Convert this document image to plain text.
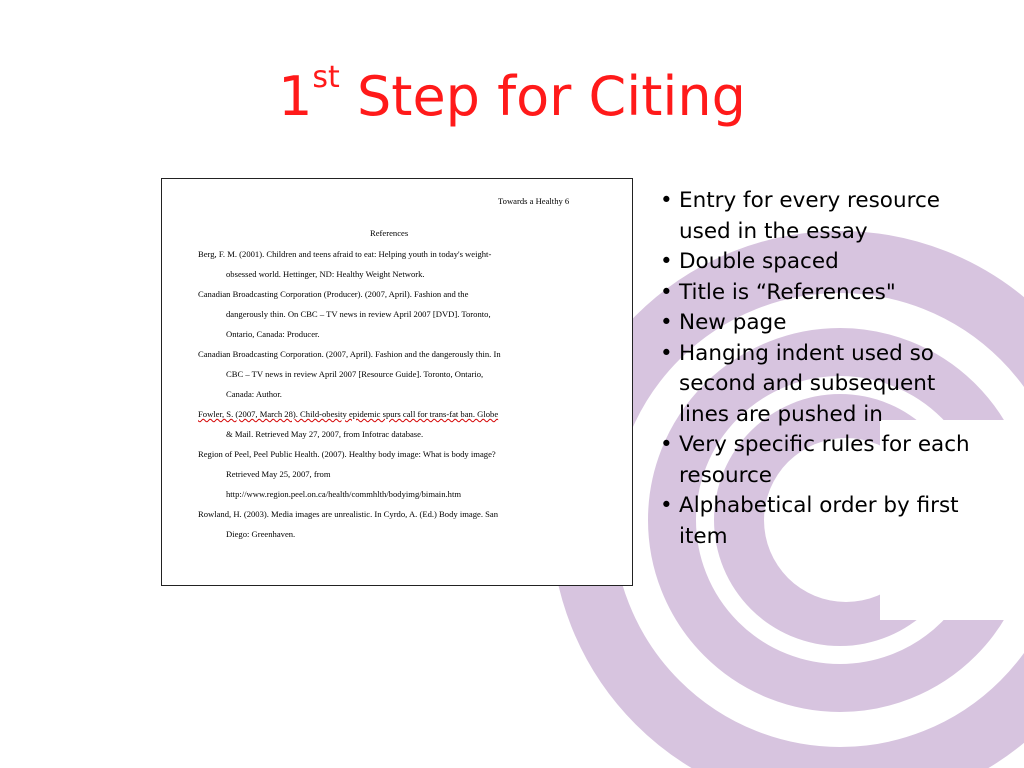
1st Step for Citing
Towards a Healthy 6
References
Berg, F. M. (2001). Children and teens afraid to eat: Helping youth in today's weight-
obsessed world. Hettinger, ND: Healthy Weight Network.
Canadian Broadcasting Corporation (Producer). (2007, April). Fashion and the
dangerously thin. On CBC – TV news in review April 2007 [DVD]. Toronto,
Ontario, Canada: Producer.
Canadian Broadcasting Corporation. (2007, April). Fashion and the dangerously thin. In
CBC – TV news in review April 2007 [Resource Guide]. Toronto, Ontario,
Canada: Author.
Fowler, S. (2007, March 28). Child-obesity epidemic spurs call for trans-fat ban. Globe
& Mail. Retrieved May 27, 2007, from Infotrac database.
Region of Peel, Peel Public Health. (2007). Healthy body image: What is body image?
Retrieved May 25, 2007, from
http://www.region.peel.on.ca/health/commhlth/bodyimg/bimain.htm
Rowland, H. (2003). Media images are unrealistic. In Cyrdo, A. (Ed.) Body image. San
Diego: Greenhaven.
• Entry for every resource used in the essay
• Double spaced
• Title is “References"
• New page
• Hanging indent used so second and subsequent lines are pushed in
• Very specific rules for each resource
• Alphabetical order by first item
